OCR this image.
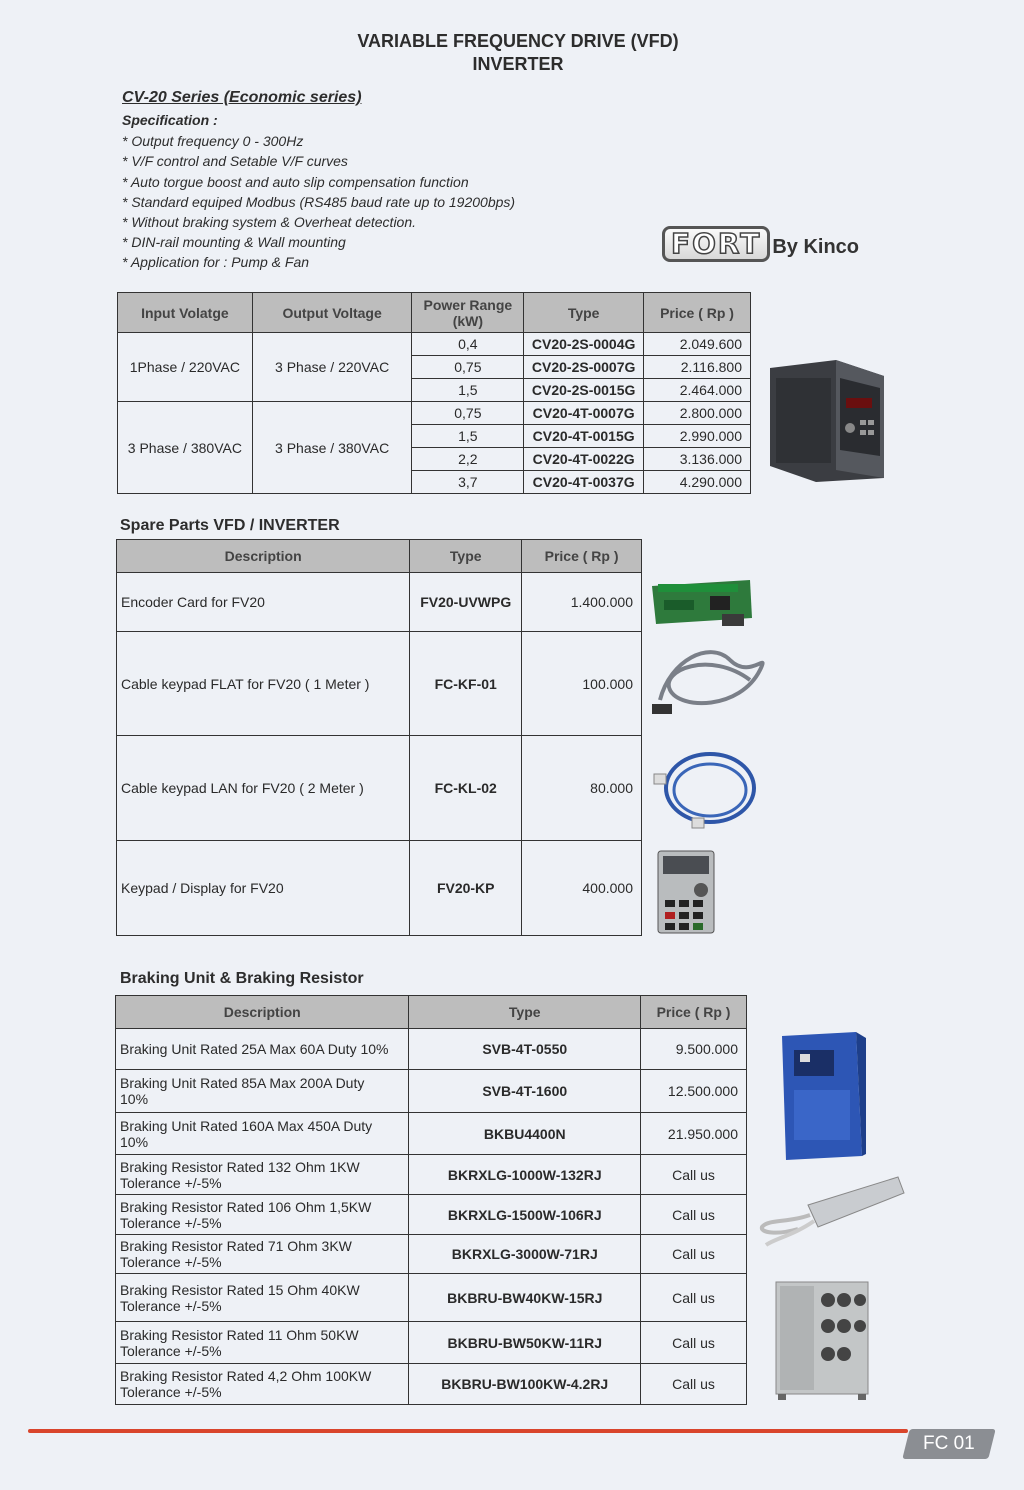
VARIABLE FREQUENCY DRIVE (VFD)
INVERTER
CV-20 Series (Economic series)
Specification :
* Output frequency 0 - 300Hz
* V/F control and Setable V/F curves
* Auto torgue boost and auto slip compensation function
* Standard equiped Modbus (RS485 baud rate up to 19200bps)
* Without braking system & Overheat detection.
* DIN-rail mounting & Wall mounting
* Application for : Pump & Fan
FORT By Kinco
Input Volatge	Output Voltage	Power Range (kW)	Type	Price ( Rp )
1Phase / 220VAC	3 Phase / 220VAC	0,4	CV20-2S-0004G	2.049.600
		0,75	CV20-2S-0007G	2.116.800
		1,5	CV20-2S-0015G	2.464.000
3 Phase / 380VAC	3 Phase / 380VAC	0,75	CV20-4T-0007G	2.800.000
		1,5	CV20-4T-0015G	2.990.000
		2,2	CV20-4T-0022G	3.136.000
		3,7	CV20-4T-0037G	4.290.000
Spare Parts VFD / INVERTER
Description	Type	Price ( Rp )
Encoder Card for FV20	FV20-UVWPG	1.400.000
Cable keypad FLAT for FV20 ( 1 Meter )	FC-KF-01	100.000
Cable keypad LAN for FV20 ( 2 Meter )	FC-KL-02	80.000
Keypad / Display for FV20	FV20-KP	400.000
Braking Unit & Braking Resistor
Description	Type	Price ( Rp )

Braking Unit Rated 25A Max 60A Duty 10%	SVB-4T-0550	9.500.000

Braking Unit Rated 85A Max 200A Duty
10%	SVB-4T-1600	12.500.000

Braking Unit Rated 160A Max 450A Duty
10%	BKBU4400N	21.950.000

Braking Resistor Rated 132 Ohm 1KW
Tolerance +/-5%	BKRXLG-1000W-132RJ	Call us

Braking Resistor Rated 106 Ohm 1,5KW
Tolerance +/-5%	BKRXLG-1500W-106RJ	Call us

Braking Resistor Rated 71 Ohm 3KW
Tolerance +/-5%	BKRXLG-3000W-71RJ	Call us

Braking Resistor Rated 15 Ohm 40KW
Tolerance +/-5%	BKBRU-BW40KW-15RJ	Call us

Braking Resistor Rated 11 Ohm 50KW
Tolerance +/-5%	BKBRU-BW50KW-11RJ	Call us

Braking Resistor Rated 4,2 Ohm 100KW
Tolerance +/-5%	BKBRU-BW100KW-4.2RJ	Call us
FC 01
